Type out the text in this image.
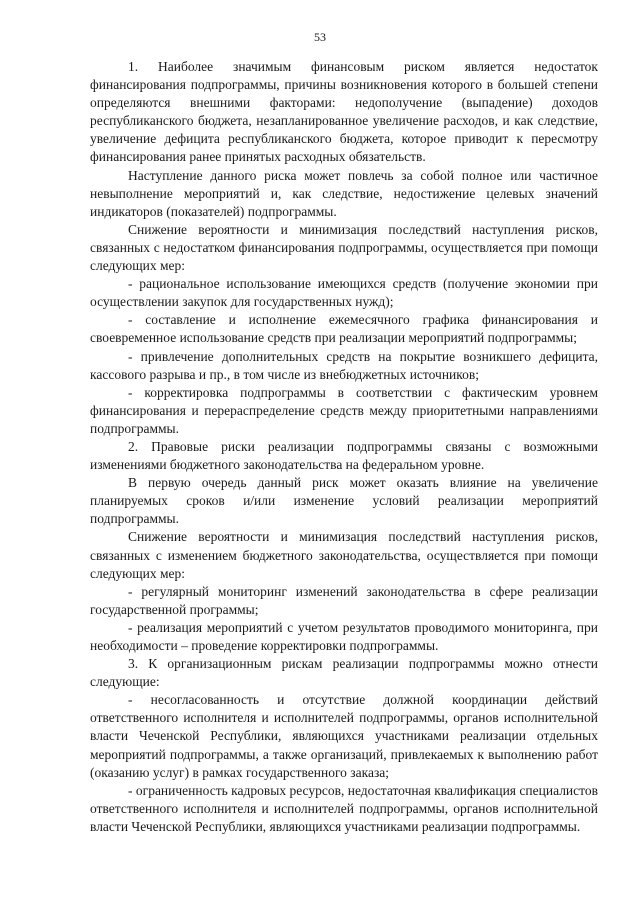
53

1. Наиболее значимым финансовым риском является недостаток финансирования подпрограммы, причины возникновения которого в большей степени определяются внешними факторами: недополучение (выпадение) доходов республиканского бюджета, незапланированное увеличение расходов, и как следствие, увеличение дефицита республиканского бюджета, которое приводит к пересмотру финансирования ранее принятых расходных обязательств.

Наступление данного риска может повлечь за собой полное или частичное невыполнение мероприятий и, как следствие, недостижение целевых значений индикаторов (показателей) подпрограммы.

Снижение вероятности и минимизация последствий наступления рисков, связанных с недостатком финансирования подпрограммы, осуществляется при помощи следующих мер:

- рациональное использование имеющихся средств (получение экономии при осуществлении закупок для государственных нужд);

- составление и исполнение ежемесячного графика финансирования и своевременное использование средств при реализации мероприятий подпрограммы;

- привлечение дополнительных средств на покрытие возникшего дефицита, кассового разрыва и пр., в том числе из внебюджетных источников;

- корректировка подпрограммы в соответствии с фактическим уровнем финансирования и перераспределение средств между приоритетными направлениями подпрограммы.

2. Правовые риски реализации подпрограммы связаны с возможными изменениями бюджетного законодательства на федеральном уровне.

В первую очередь данный риск может оказать влияние на увеличение планируемых сроков и/или изменение условий реализации мероприятий подпрограммы.

Снижение вероятности и минимизация последствий наступления рисков, связанных с изменением бюджетного законодательства, осуществляется при помощи следующих мер:

- регулярный мониторинг изменений законодательства в сфере реализации государственной программы;

- реализация мероприятий с учетом результатов проводимого мониторинга, при необходимости – проведение корректировки подпрограммы.

3. К организационным рискам реализации подпрограммы можно отнести следующие:

- несогласованность и отсутствие должной координации действий ответственного исполнителя и исполнителей подпрограммы, органов исполнительной власти Чеченской Республики, являющихся участниками реализации отдельных мероприятий подпрограммы, а также организаций, привлекаемых к выполнению работ (оказанию услуг) в рамках государственного заказа;

- ограниченность кадровых ресурсов, недостаточная квалификация специалистов ответственного исполнителя и исполнителей подпрограммы, органов исполнительной власти Чеченской Республики, являющихся участниками реализации подпрограммы.
